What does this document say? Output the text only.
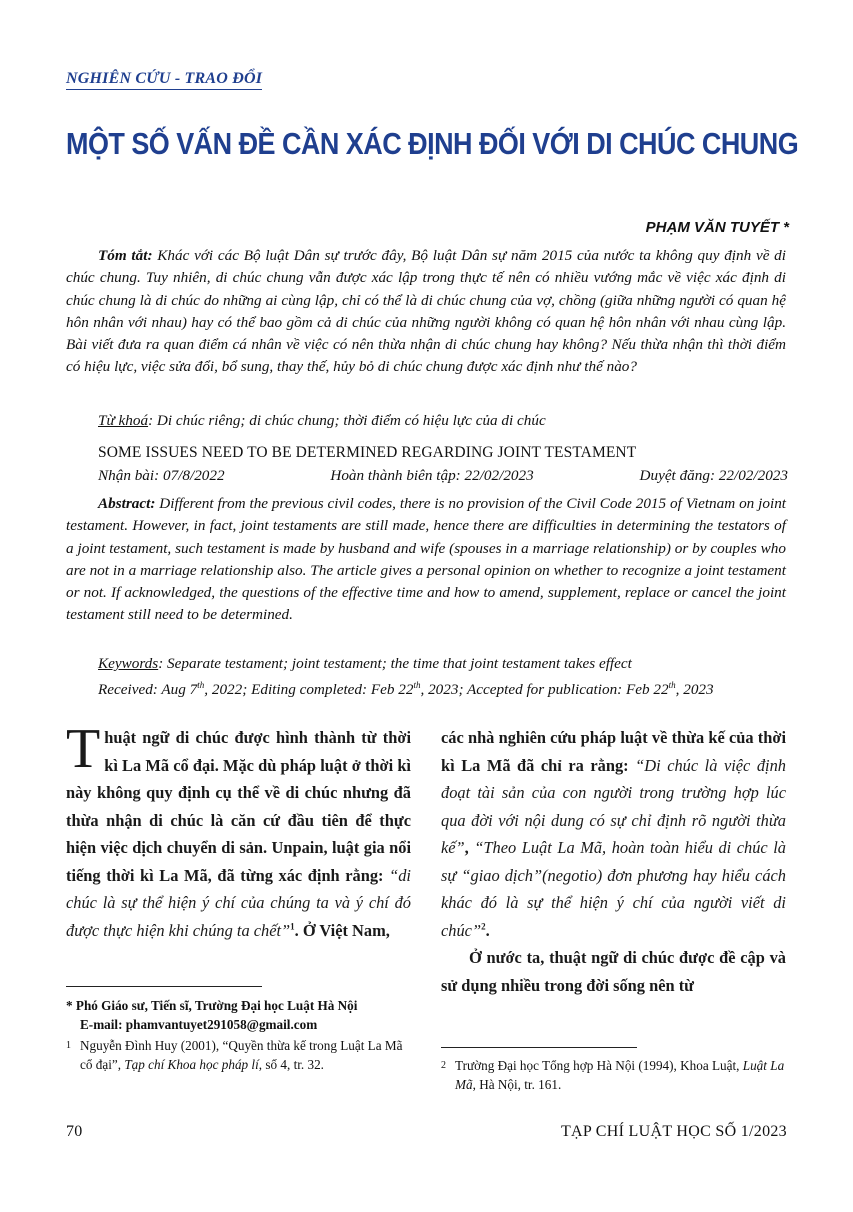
NGHIÊN CỨU - TRAO ĐỔI
MỘT SỐ VẤN ĐỀ CẦN XÁC ĐỊNH ĐỐI VỚI DI CHÚC CHUNG
PHẠM VĂN TUYẾT *
Tóm tắt: Khác với các Bộ luật Dân sự trước đây, Bộ luật Dân sự năm 2015 của nước ta không quy định về di chúc chung. Tuy nhiên, di chúc chung vẫn được xác lập trong thực tế nên có nhiều vướng mắc về việc xác định di chúc chung là di chúc do những ai cùng lập, chỉ có thể là di chúc chung của vợ, chồng (giữa những người có quan hệ hôn nhân với nhau) hay có thể bao gồm cả di chúc của những người không có quan hệ hôn nhân với nhau cùng lập. Bài viết đưa ra quan điểm cá nhân về việc có nên thừa nhận di chúc chung hay không? Nếu thừa nhận thì thời điểm có hiệu lực, việc sửa đổi, bổ sung, thay thế, hủy bỏ di chúc chung được xác định như thế nào?
Từ khoá: Di chúc riêng; di chúc chung; thời điểm có hiệu lực của di chúc
SOME ISSUES NEED TO BE DETERMINED REGARDING JOINT TESTAMENT
Nhận bài: 07/8/2022	Hoàn thành biên tập: 22/02/2023	Duyệt đăng: 22/02/2023
Abstract: Different from the previous civil codes, there is no provision of the Civil Code 2015 of Vietnam on joint testament. However, in fact, joint testaments are still made, hence there are difficulties in determining the testators of a joint testament, such testament is made by husband and wife (spouses in a marriage relationship) or by couples who are not in a marriage relationship also. The article gives a personal opinion on whether to recognize a joint testament or not. If acknowledged, the questions of the effective time and how to amend, supplement, replace or cancel the joint testament still need to be determined.
Keywords: Separate testament; joint testament; the time that joint testament takes effect
Received: Aug 7th, 2022; Editing completed: Feb 22th, 2023; Accepted for publication: Feb 22th, 2023
Thuật ngữ di chúc được hình thành từ thời kì La Mã cổ đại. Mặc dù pháp luật ở thời kì này không quy định cụ thể về di chúc nhưng đã thừa nhận di chúc là căn cứ đầu tiên để thực hiện việc dịch chuyển di sản. Unpain, luật gia nổi tiếng thời kì La Mã, đã từng xác định rằng: “di chúc là sự thể hiện ý chí của chúng ta và ý chí đó được thực hiện khi chúng ta chết”$^1$. Ở Việt Nam,
các nhà nghiên cứu pháp luật về thừa kế của thời kì La Mã đã chỉ ra rằng: “Di chúc là việc định đoạt tài sản của con người trong trường hợp lúc qua đời với nội dung có sự chỉ định rõ người thừa kế”, “Theo Luật La Mã, hoàn toàn hiểu di chúc là sự “giao dịch”(negotio) đơn phương hay hiểu cách khác đó là sự thể hiện ý chí của người viết di chúc”$^2$.
Ở nước ta, thuật ngữ di chúc được đề cập và sử dụng nhiều trong đời sống nên từ
* Phó Giáo sư, Tiến sĩ, Trường Đại học Luật Hà Nội
E-mail: phamvantuyet291058@gmail.com
1 Nguyễn Đình Huy (2001), “Quyền thừa kế trong Luật La Mã cổ đại”, Tạp chí Khoa học pháp lí, số 4, tr. 32.	2 Trường Đại học Tổng hợp Hà Nội (1994), Khoa Luật, Luật La Mã, Hà Nội, tr. 161.
70	TẠP CHÍ LUẬT HỌC SỐ 1/2023
